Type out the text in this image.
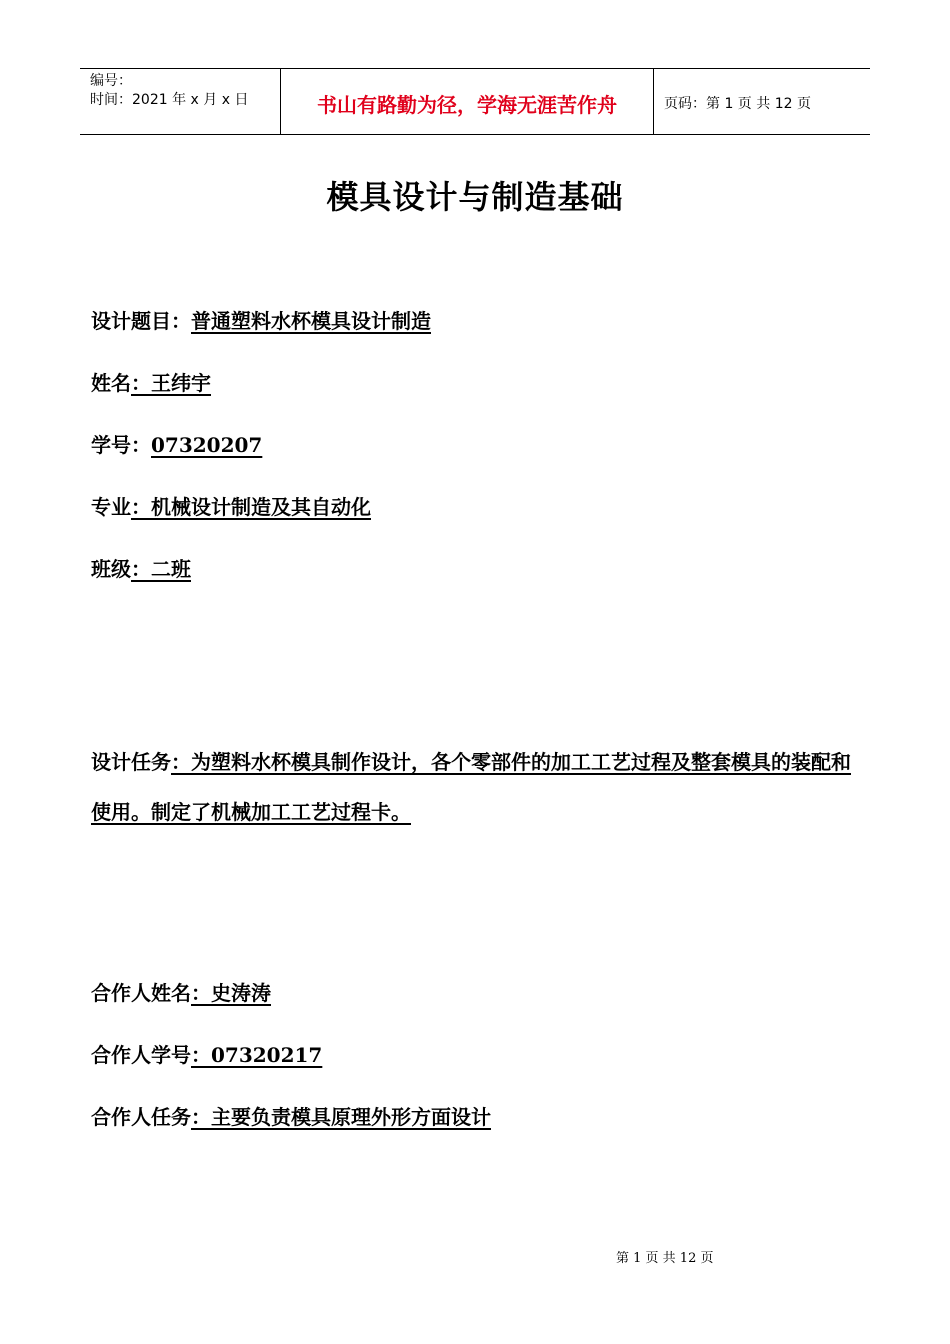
编号：
时间：2021 年 x 月 x 日	书山有路勤为径，学海无涯苦作舟	页码：第 1 页 共 12 页
模具设计与制造基础
设计题目：普通塑料水杯模具设计制造
姓名：王纬宇
学号：07320207
专业：机械设计制造及其自动化
班级：二班
设计任务：为塑料水杯模具制作设计，各个零部件的加工工艺过程及整套模具的装配和使用。制定了机械加工工艺过程卡。
合作人姓名：史涛涛
合作人学号：07320217
合作人任务：主要负责模具原理外形方面设计
第 1 页 共 12 页
